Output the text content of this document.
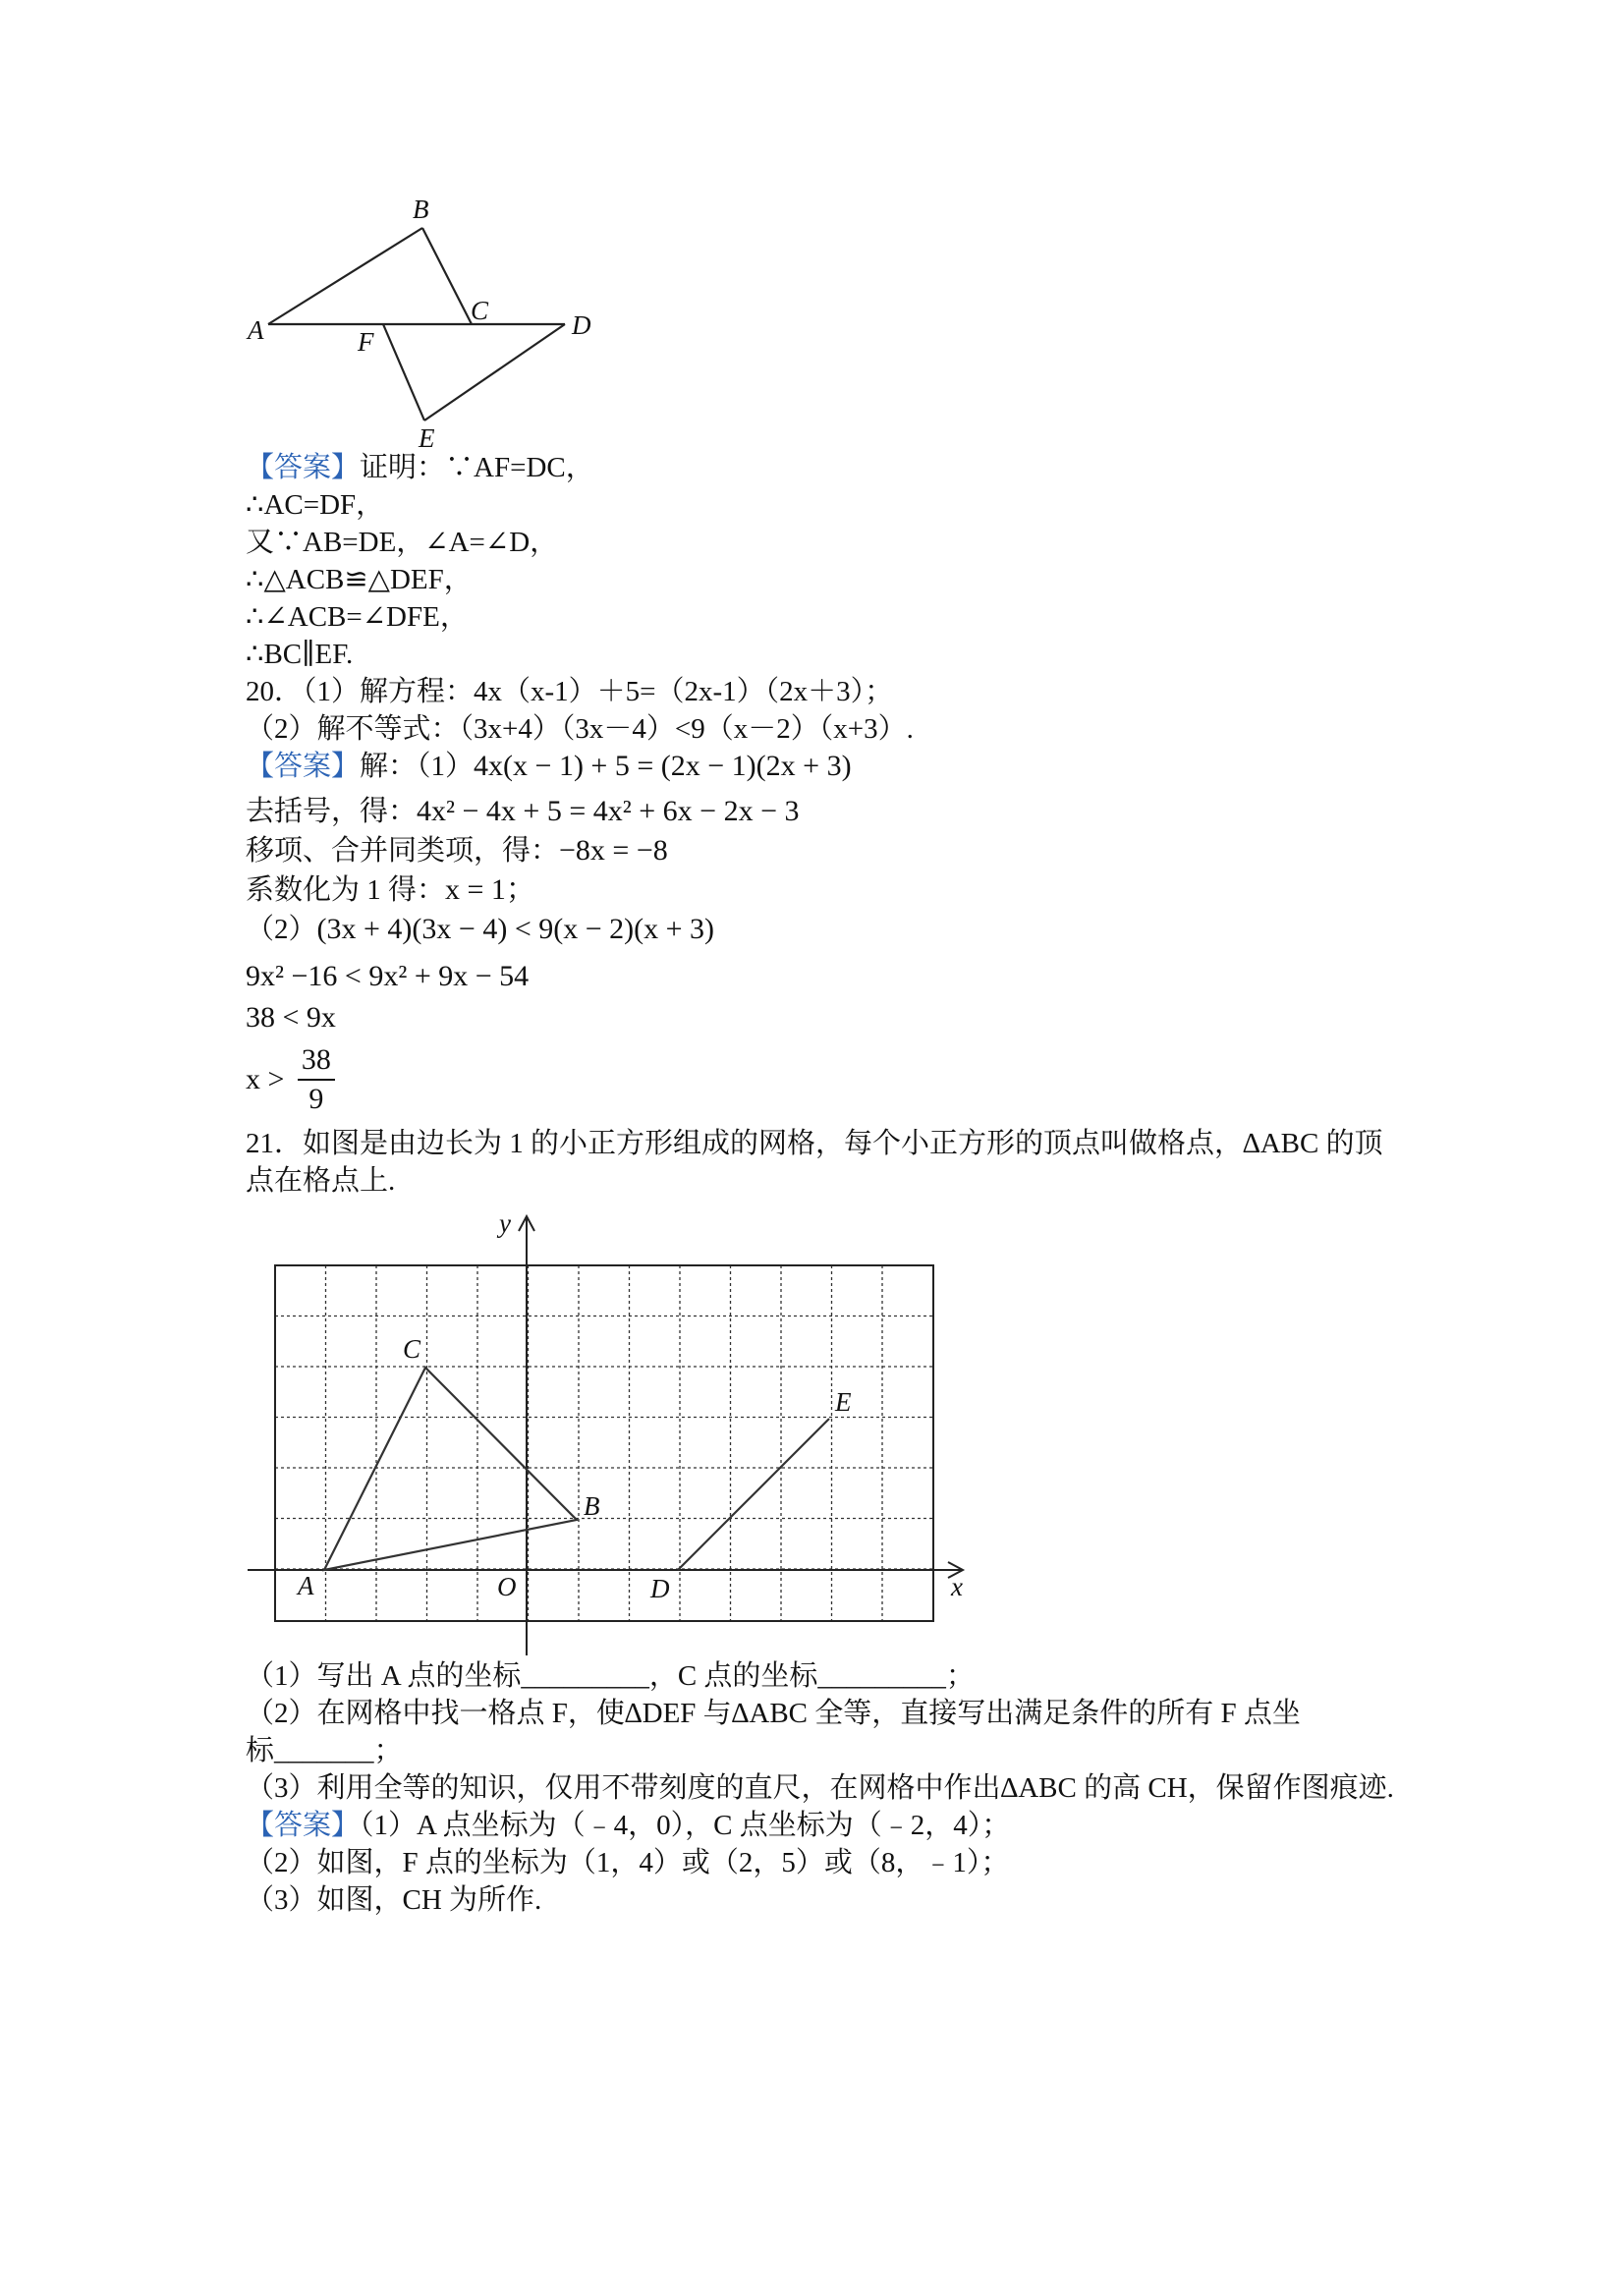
A
B
C	D
F
E
【答案】证明：∵AF=DC，
∴AC=DF，
又∵AB=DE，∠A=∠D，
∴△ACB≌△DEF，
∴∠ACB=∠DFE，
∴BC∥EF.
20．（1）解方程：4x（x-1）＋5=（2x-1）（2x＋3）；
（2）解不等式：（3x+4）（3x－4）<9（x－2）（x+3）.
【答案】解：（1）4x(x − 1) + 5 = (2x − 1)(2x + 3)
去括号，得：4x² − 4x + 5 = 4x² + 6x − 2x − 3
移项、合并同类项，得：−8x = −8
系数化为 1 得：x = 1；
（2）(3x + 4)(3x − 4) < 9(x − 2)(x + 3)
9x² −16 < 9x² + 9x − 54
38 < 9x
$x > \frac{38}{9}$
21．如图是由边长为 1 的小正方形组成的网格，每个小正方形的顶点叫做格点，∆ABC 的顶
点在格点上.
y
x
O
A
C
B
D
E
（1）写出 A 点的坐标_________，C 点的坐标_________；
（2）在网格中找一格点 F，使∆DEF 与∆ABC 全等，直接写出满足条件的所有 F 点坐
标_______；
（3）利用全等的知识，仅用不带刻度的直尺，在网格中作出∆ABC 的高 CH，保留作图痕迹.
【答案】（1）A 点坐标为（﹣4，0），C 点坐标为（﹣2，4）；
（2）如图，F 点的坐标为（1，4）或（2，5）或（8，﹣1）；
（3）如图，CH 为所作.
